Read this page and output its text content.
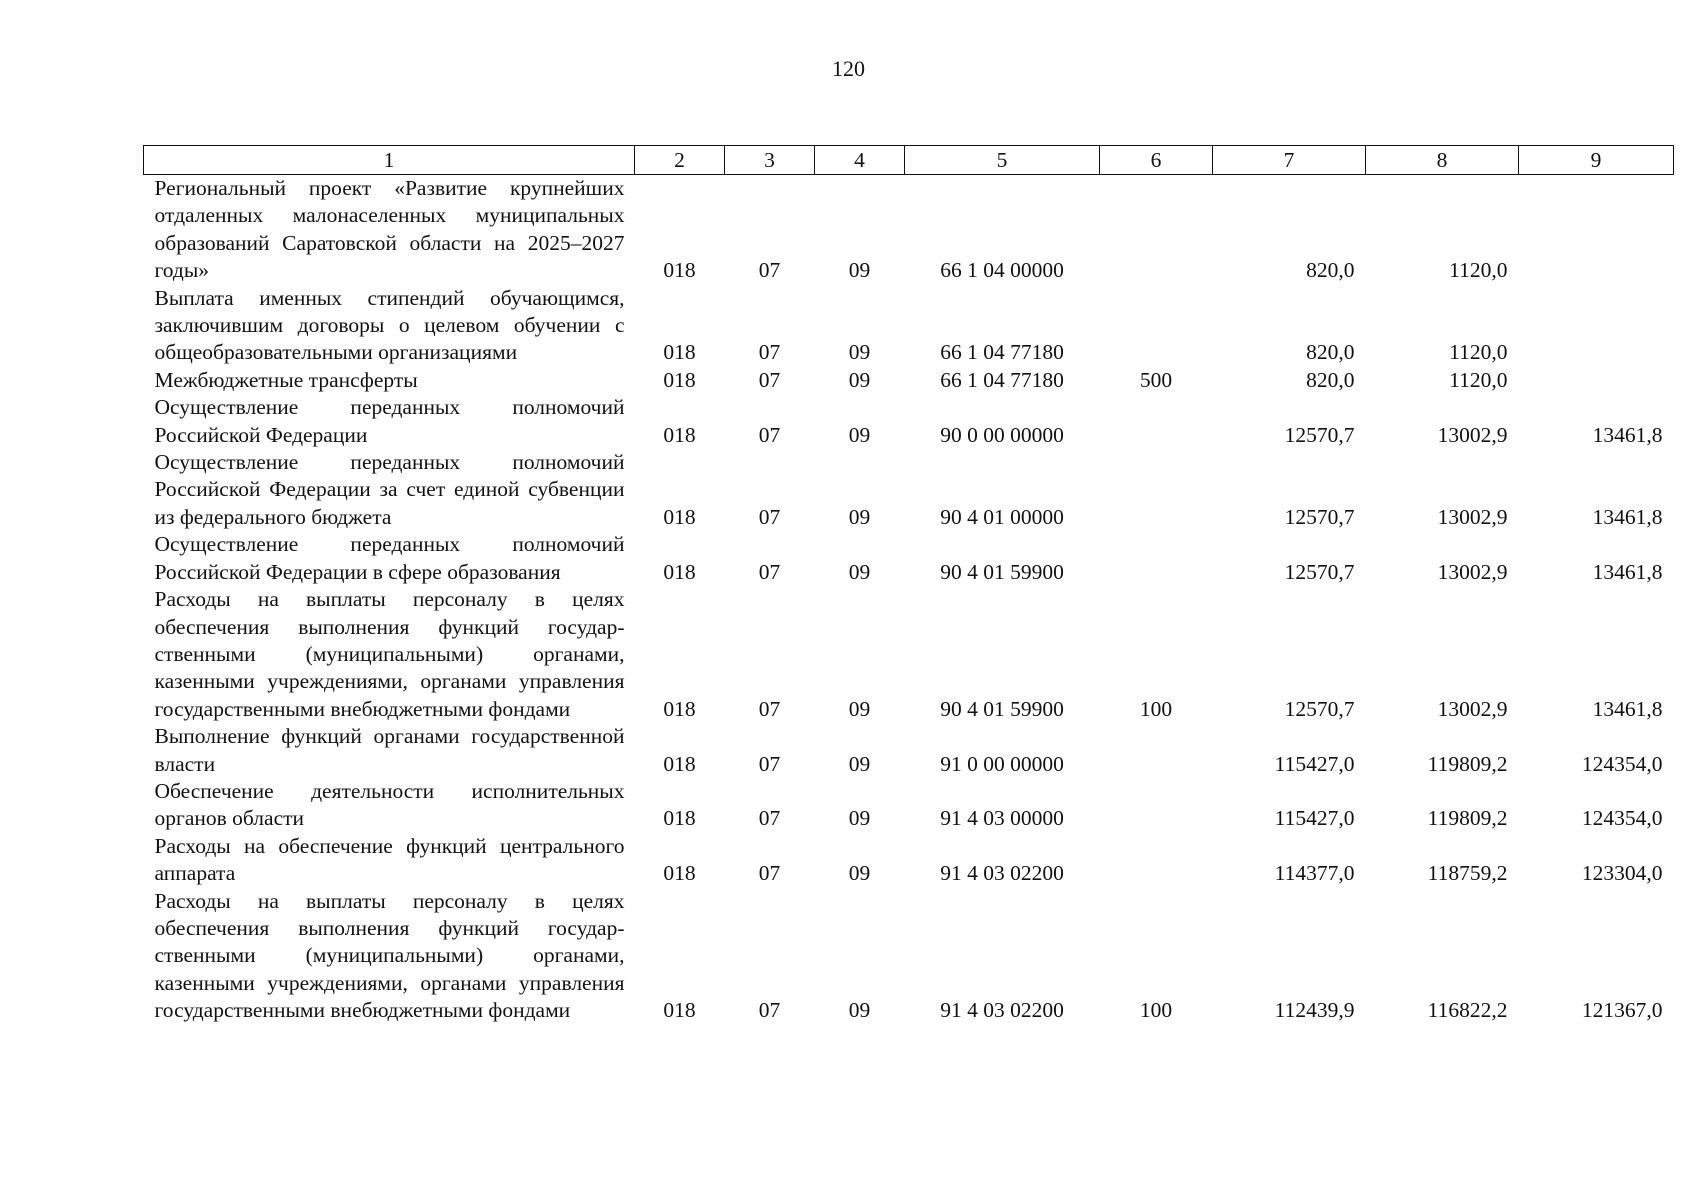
120
1	2	3	4	5	6	7	8	9
Региональный проект «Развитие крупнейших отдаленных малонаселенных муниципальных образований Саратовской области на 2025–2027 годы»	018	07	09	66 1 04 00000		820,0	1120,0	
Выплата именных стипендий обучающимся, заключившим договоры о целевом обучении с общеобразовательными организациями	018	07	09	66 1 04 77180		820,0	1120,0	
Межбюджетные трансферты	018	07	09	66 1 04 77180	500	820,0	1120,0	
Осуществление переданных полномочий Российской Федерации	018	07	09	90 0 00 00000		12570,7	13002,9	13461,8
Осуществление переданных полномочий Российской Федерации за счет единой субвенции из федерального бюджета	018	07	09	90 4 01 00000		12570,7	13002,9	13461,8
Осуществление переданных полномочий Российской Федерации в сфере образования	018	07	09	90 4 01 59900		12570,7	13002,9	13461,8
Расходы на выплаты персоналу в целях обеспечения выполнения функций государственными (муниципальными) органами, казенными учреждениями, органами управления государственными внебюджетными фондами	018	07	09	90 4 01 59900	100	12570,7	13002,9	13461,8
Выполнение функций органами государственной власти	018	07	09	91 0 00 00000		115427,0	119809,2	124354,0
Обеспечение деятельности исполнительных органов области	018	07	09	91 4 03 00000		115427,0	119809,2	124354,0
Расходы на обеспечение функций центрального аппарата	018	07	09	91 4 03 02200		114377,0	118759,2	123304,0
Расходы на выплаты персоналу в целях обеспечения выполнения функций государственными (муниципальными) органами, казенными учреждениями, органами управления государственными внебюджетными фондами	018	07	09	91 4 03 02200	100	112439,9	116822,2	121367,0
